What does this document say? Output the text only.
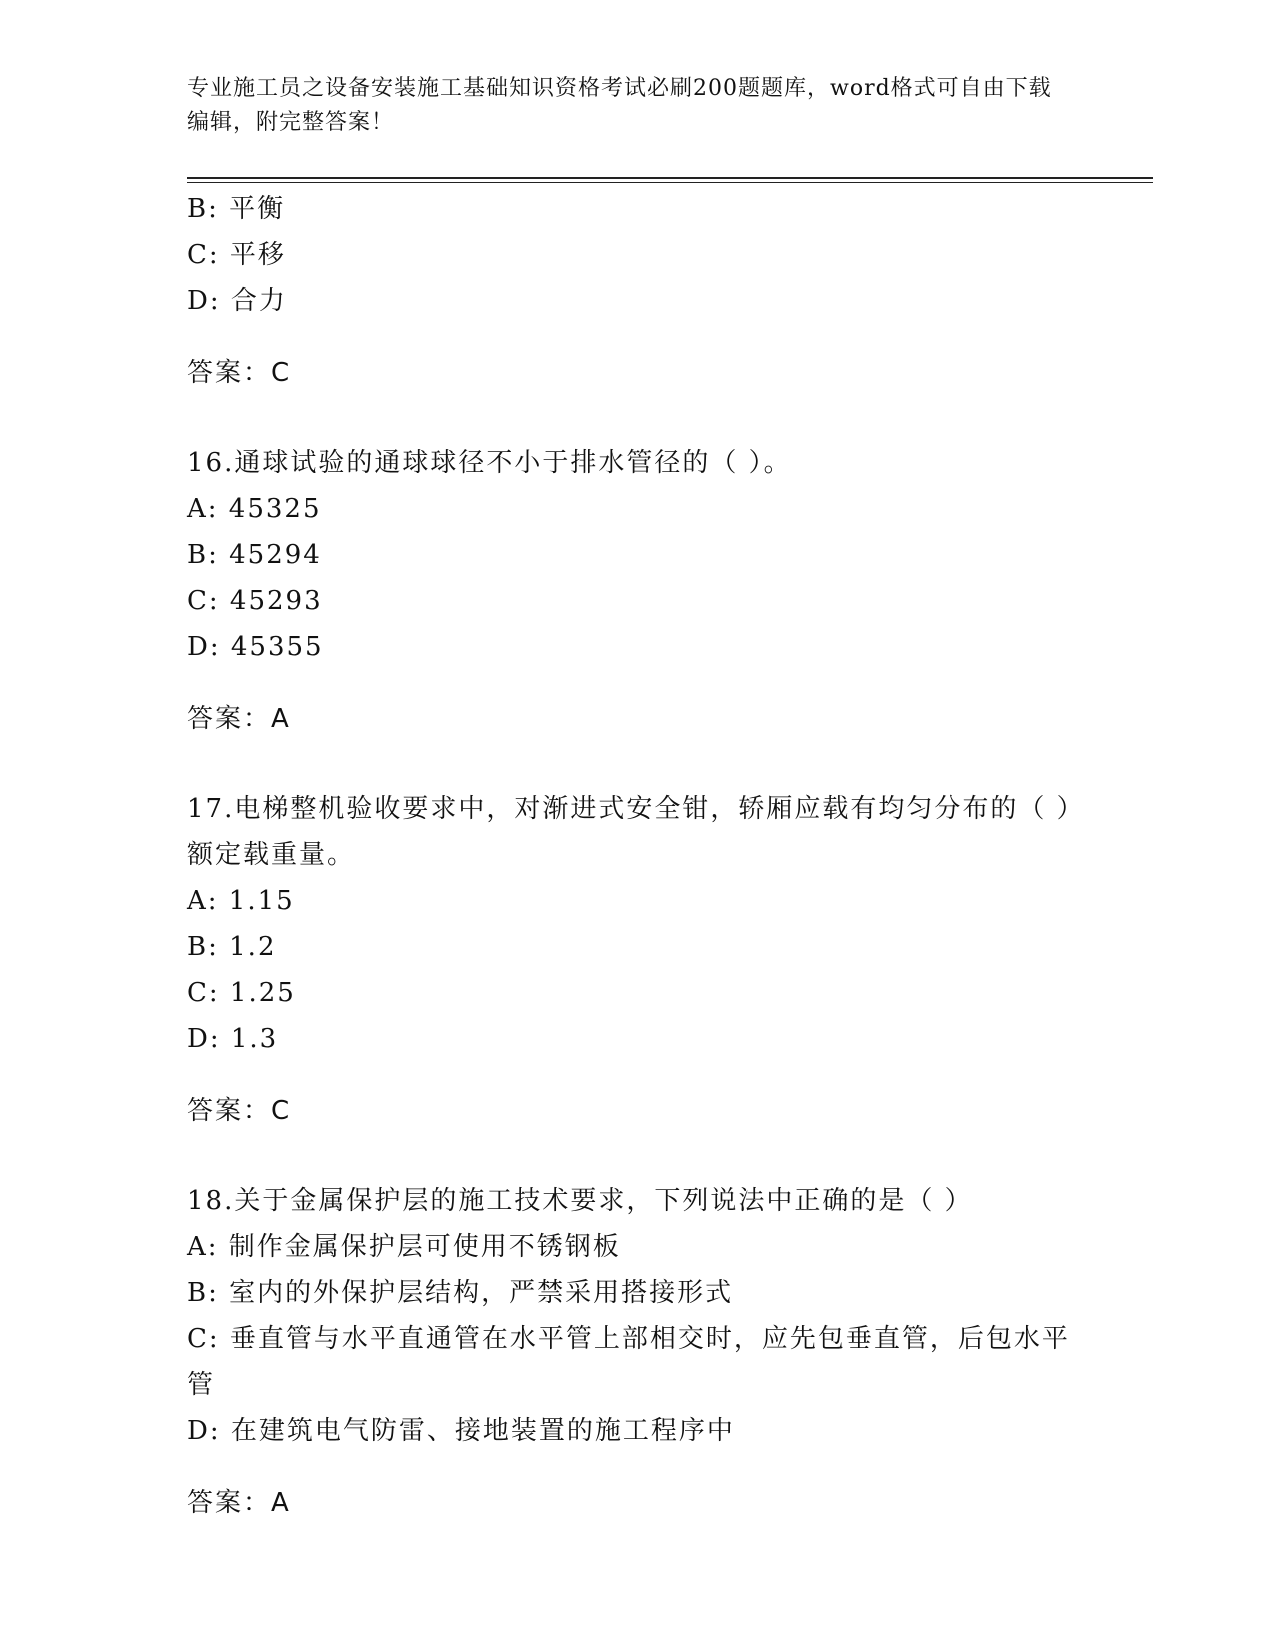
专业施工员之设备安装施工基础知识资格考试必刷200题题库，word格式可自由下载编辑，附完整答案！

B: 平衡

C: 平移

D: 合力

答案：C

16.通球试验的通球球径不小于排水管径的（ ）。

A: 45325

B: 45294

C: 45293

D: 45355

答案：A

17.电梯整机验收要求中，对渐进式安全钳，轿厢应载有均匀分布的（ ）额定载重量。

A: 1.15

B: 1.2

C: 1.25

D: 1.3

答案：C

18.关于金属保护层的施工技术要求，下列说法中正确的是（ ）

A: 制作金属保护层可使用不锈钢板

B: 室内的外保护层结构，严禁采用搭接形式

C: 垂直管与水平直通管在水平管上部相交时，应先包垂直管，后包水平管

D: 在建筑电气防雷、接地装置的施工程序中

答案：A
